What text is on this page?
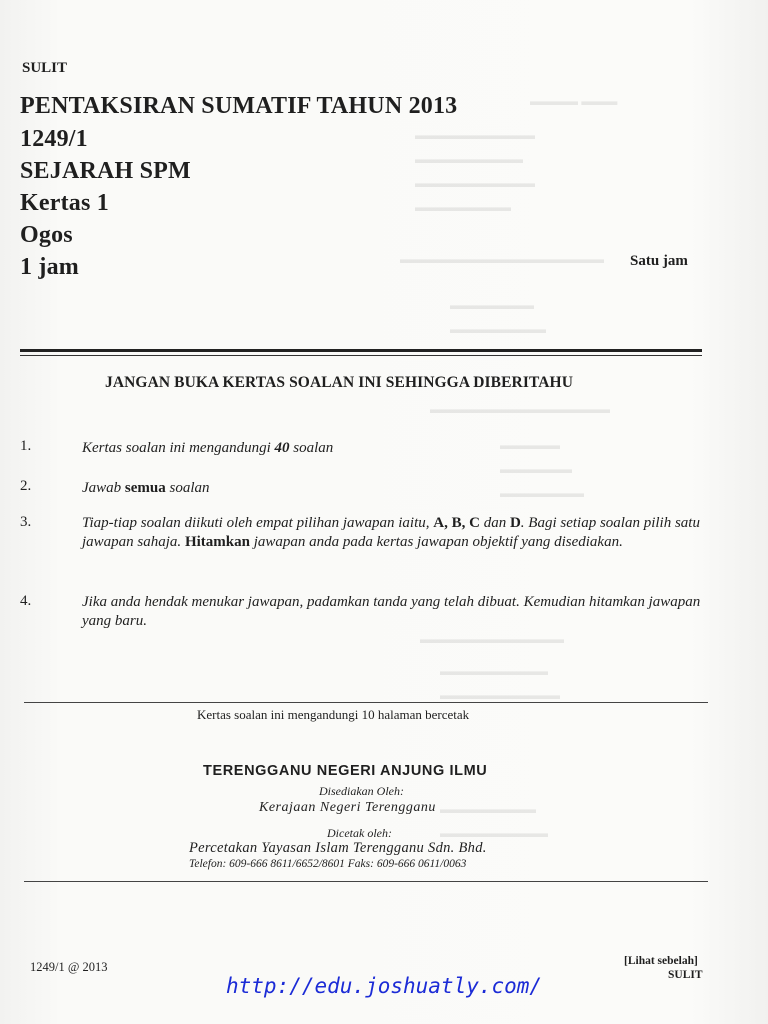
▬▬▬▬ ▬▬▬
▬▬▬▬▬▬▬▬▬▬
▬▬▬▬▬▬▬▬▬
▬▬▬▬▬▬▬▬▬▬
▬▬▬▬▬▬▬▬
▬▬▬▬▬▬▬▬▬▬▬▬▬▬▬▬▬
▬▬▬▬▬▬▬
▬▬▬▬▬▬▬▬
▬▬▬▬▬▬▬▬▬▬▬▬▬▬▬
▬▬▬▬▬
▬▬▬▬▬▬
▬▬▬▬▬▬▬
▬▬▬▬▬▬▬▬▬▬▬▬
▬▬▬▬▬▬▬▬▬
▬▬▬▬▬▬▬▬▬▬
▬▬▬▬▬▬▬▬
▬▬▬▬▬▬▬▬▬
SULIT
PENTAKSIRAN SUMATIF TAHUN 2013
1249/1
SEJARAH SPM
Kertas 1
Ogos
1 jam	Satu jam
JANGAN BUKA KERTAS SOALAN INI SEHINGGA DIBERITAHU
1.	Kertas soalan ini mengandungi 40 soalan
2.	Jawab semua soalan
3.	Tiap-tiap soalan diikuti oleh empat pilihan jawapan iaitu, A, B, C dan D. Bagi setiap soalan pilih satu jawapan sahaja. Hitamkan jawapan anda pada kertas jawapan objektif yang disediakan.
4.	Jika anda hendak menukar jawapan, padamkan tanda yang telah dibuat. Kemudian hitamkan jawapan yang baru.
Kertas soalan ini mengandungi 10 halaman bercetak
TERENGGANU NEGERI ANJUNG ILMU
Disediakan Oleh:
Kerajaan Negeri Terengganu
Dicetak oleh:
Percetakan Yayasan Islam Terengganu Sdn. Bhd.
Telefon: 609-666 8611/6652/8601 Faks: 609-666 0611/0063
1249/1 @ 2013	[Lihat sebelah]
SULIT
http://edu.joshuatly.com/
